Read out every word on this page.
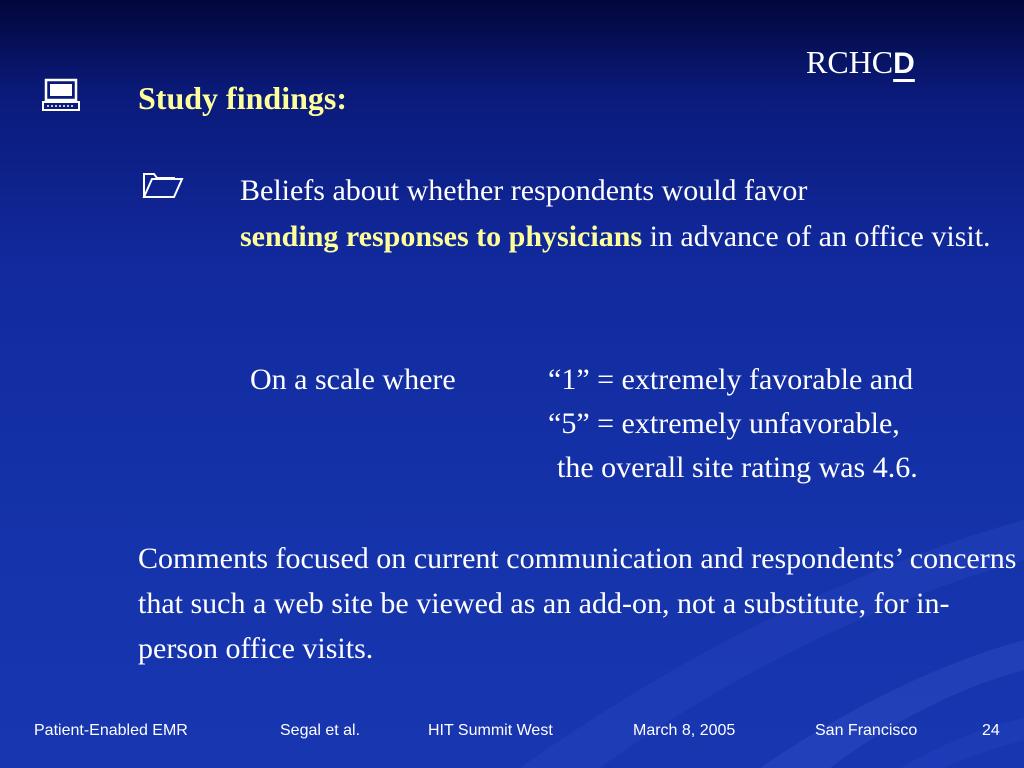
RCHCD
Study findings:
Beliefs about whether respondents would favor
sending responses to physicians in advance of an office visit.
On a scale where	“1” = extremely favorable and
“5” = extremely unfavorable,
the overall site rating was 4.6.
Comments focused on current communication and respondents’ concerns that such a web site be viewed as an add-on, not a substitute, for in-person office visits.
Patient-Enabled EMR	Segal et al.	HIT Summit West	March 8, 2005	San Francisco	24
